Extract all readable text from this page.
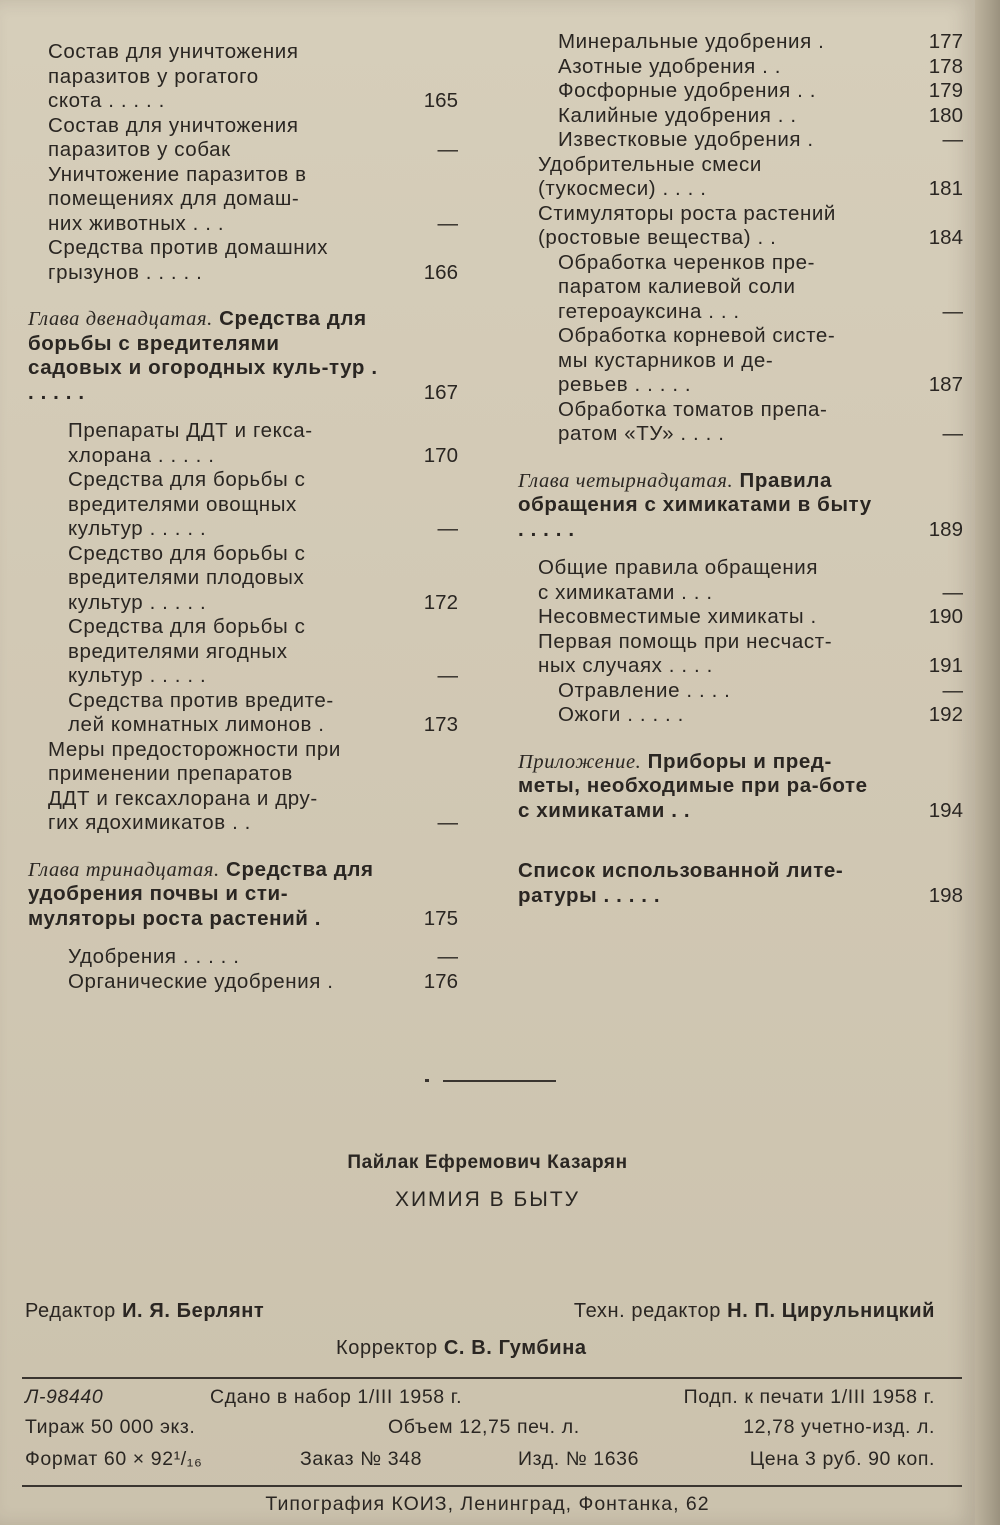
Состав для уничтожения
паразитов у рогатого
скота . . . . .	165
Состав для уничтожения
паразитов у собак	—
Уничтожение паразитов в
помещениях для домаш-
них животных . . .	—
Средства против домашних
грызунов . . . . .	166
Глава двенадцатая. Средства для борьбы с вредителями садовых и огородных куль-тур . . . . . .	167
Препараты ДДТ и гекса-
хлорана . . . . .	170
Средства для борьбы с
вредителями овощных
культур . . . . .	—
Средство для борьбы с
вредителями плодовых
культур . . . . .	172
Средства для борьбы с
вредителями ягодных
культур . . . . .	—
Средства против вредите-
лей комнатных лимонов .	173
Меры предосторожности при
применении препаратов
ДДТ и гексахлорана и дру-
гих ядохимикатов . .	—
Глава тринадцатая. Средства для удобрения почвы и сти-муляторы роста растений .	175
Удобрения . . . . .	—
Органические удобрения .	176
Минеральные удобрения .	177
Азотные удобрения . .	178
Фосфорные удобрения . .	179
Калийные удобрения . .	180
Известковые удобрения .	—
Удобрительные смеси
(тукосмеси) . . . .	181
Стимуляторы роста растений
(ростовые вещества) . .	184
Обработка черенков пре-
паратом калиевой соли
гетероауксина . . .	—
Обработка корневой систе-
мы кустарников и де-
ревьев . . . . .	187
Обработка томатов препа-
ратом «ТУ» . . . .	—
Глава четырнадцатая. Правила обращения с химикатами в быту . . . . .	189
Общие правила обращения
с химикатами . . .	—
Несовместимые химикаты .	190
Первая помощь при несчаст-
ных случаях . . . .	191
Отравление . . . .	—
Ожоги . . . . .	192
Приложение. Приборы и пред-меты, необходимые при ра-боте с химикатами . .	194
Список использованной лите-ратуры . . . . .	198
Пайлак Ефремович Казарян
ХИМИЯ В БЫТУ
Редактор И. Я. Берлянт	Техн. редактор Н. П. Цирульницкий
Корректор С. В. Гумбина
Л-98440	Сдано в набор 1/III 1958 г.	Подп. к печати 1/III 1958 г.
Тираж 50 000 экз.	Объем 12,75 печ. л.	12,78 учетно-изд. л.
Формат 60 × 92¹/₁₆	Заказ № 348	Изд. № 1636	Цена 3 руб. 90 коп.
Типография КОИЗ, Ленинград, Фонтанка, 62
